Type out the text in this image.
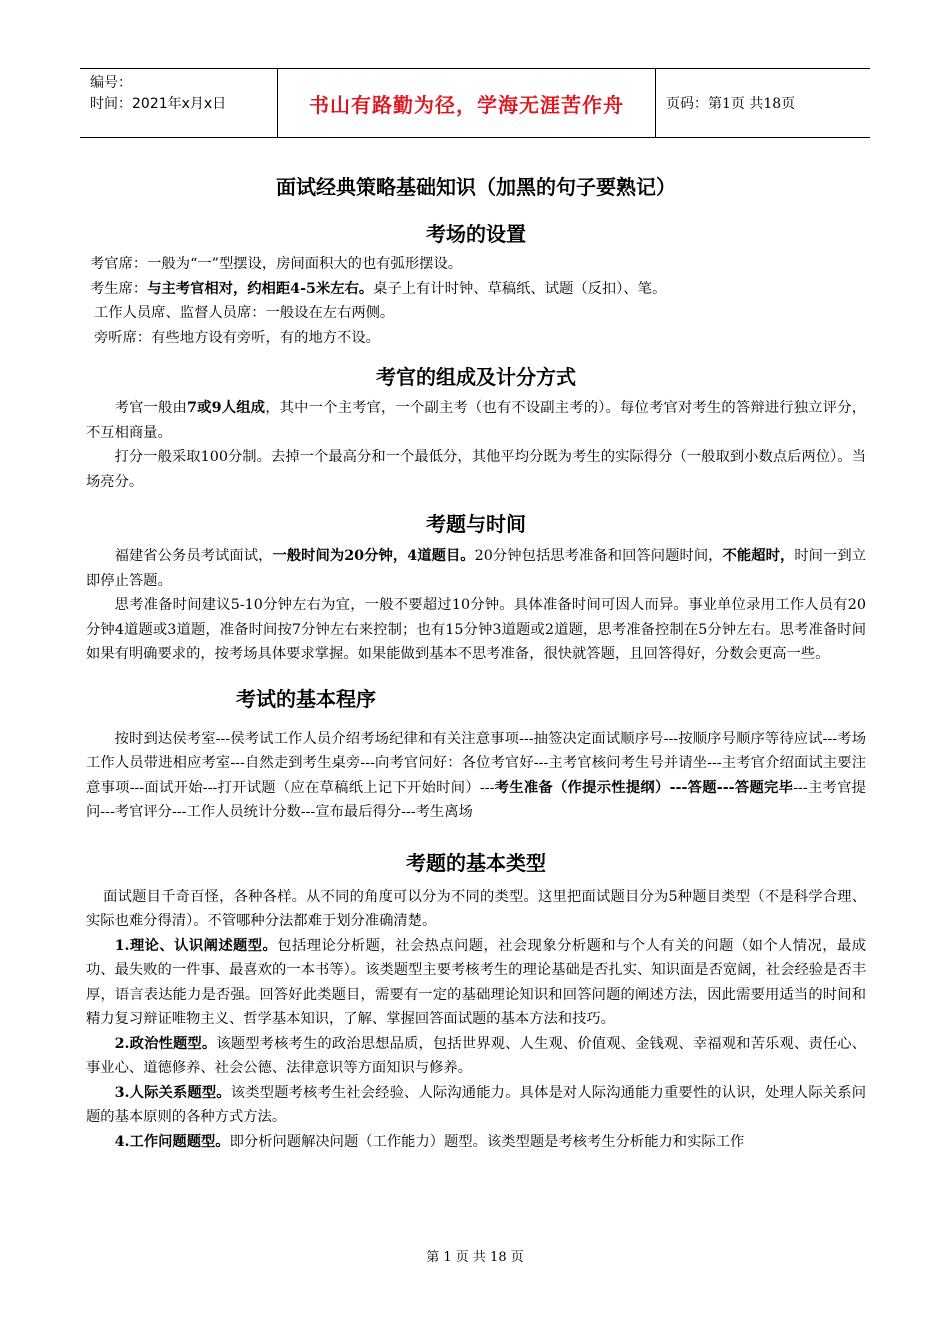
编号：
时间：2021年x月x日	书山有路勤为径，学海无涯苦作舟	页码：第1页 共18页
面试经典策略基础知识（加黑的句子要熟记）
考场的设置

考官席：一般为“一”型摆设，房间面积大的也有弧形摆设。

考生席：与主考官相对，约相距4-5米左右。桌子上有计时钟、草稿纸、试题（反扣）、笔。

工作人员席、监督人员席：一般设在左右两侧。

旁听席：有些地方设有旁听，有的地方不设。

考官的组成及计分方式

考官一般由7或9人组成，其中一个主考官，一个副主考（也有不设副主考的）。每位考官对考生的答辩进行独立评分，不互相商量。

打分一般采取100分制。去掉一个最高分和一个最低分，其他平均分既为考生的实际得分（一般取到小数点后两位）。当场亮分。

考题与时间

福建省公务员考试面试，一般时间为20分钟，4道题目。20分钟包括思考准备和回答问题时间，不能超时，时间一到立即停止答题。

思考准备时间建议5-10分钟左右为宜，一般不要超过10分钟。具体准备时间可因人而异。事业单位录用工作人员有20分钟4道题或3道题，准备时间按7分钟左右来控制；也有15分钟3道题或2道题，思考准备控制在5分钟左右。思考准备时间如果有明确要求的，按考场具体要求掌握。如果能做到基本不思考准备，很快就答题，且回答得好，分数会更高一些。

考试的基本程序

按时到达侯考室---侯考试工作人员介绍考场纪律和有关注意事项---抽签决定面试顺序号---按顺序号顺序等待应试---考场工作人员带进相应考室---自然走到考生桌旁---向考官问好：各位考官好---主考官核问考生号并请坐---主考官介绍面试主要注意事项---面试开始---打开试题（应在草稿纸上记下开始时间）---考生准备（作提示性提纲）---答题---答题完毕---主考官提问---考官评分---工作人员统计分数---宣布最后得分---考生离场

考题的基本类型

面试题目千奇百怪，各种各样。从不同的角度可以分为不同的类型。这里把面试题目分为5种题目类型（不是科学合理、实际也难分得清）。不管哪种分法都难于划分准确清楚。

1.理论、认识阐述题型。包括理论分析题，社会热点问题，社会现象分析题和与个人有关的问题（如个人情况，最成功、最失败的一件事、最喜欢的一本书等）。该类题型主要考核考生的理论基础是否扎实、知识面是否宽阔，社会经验是否丰厚，语言表达能力是否强。回答好此类题目，需要有一定的基础理论知识和回答问题的阐述方法，因此需要用适当的时间和精力复习辩证唯物主义、哲学基本知识，了解、掌握回答面试题的基本方法和技巧。

2.政治性题型。该题型考核考生的政治思想品质，包括世界观、人生观、价值观、金钱观、幸福观和苦乐观、责任心、事业心、道德修养、社会公德、法律意识等方面知识与修养。

3.人际关系题型。该类型题考核考生社会经验、人际沟通能力。具体是对人际沟通能力重要性的认识，处理人际关系问题的基本原则的各种方式方法。

4.工作问题题型。即分析问题解决问题（工作能力）题型。该类型题是考核考生分析能力和实际工作

第 1 页 共 18 页
